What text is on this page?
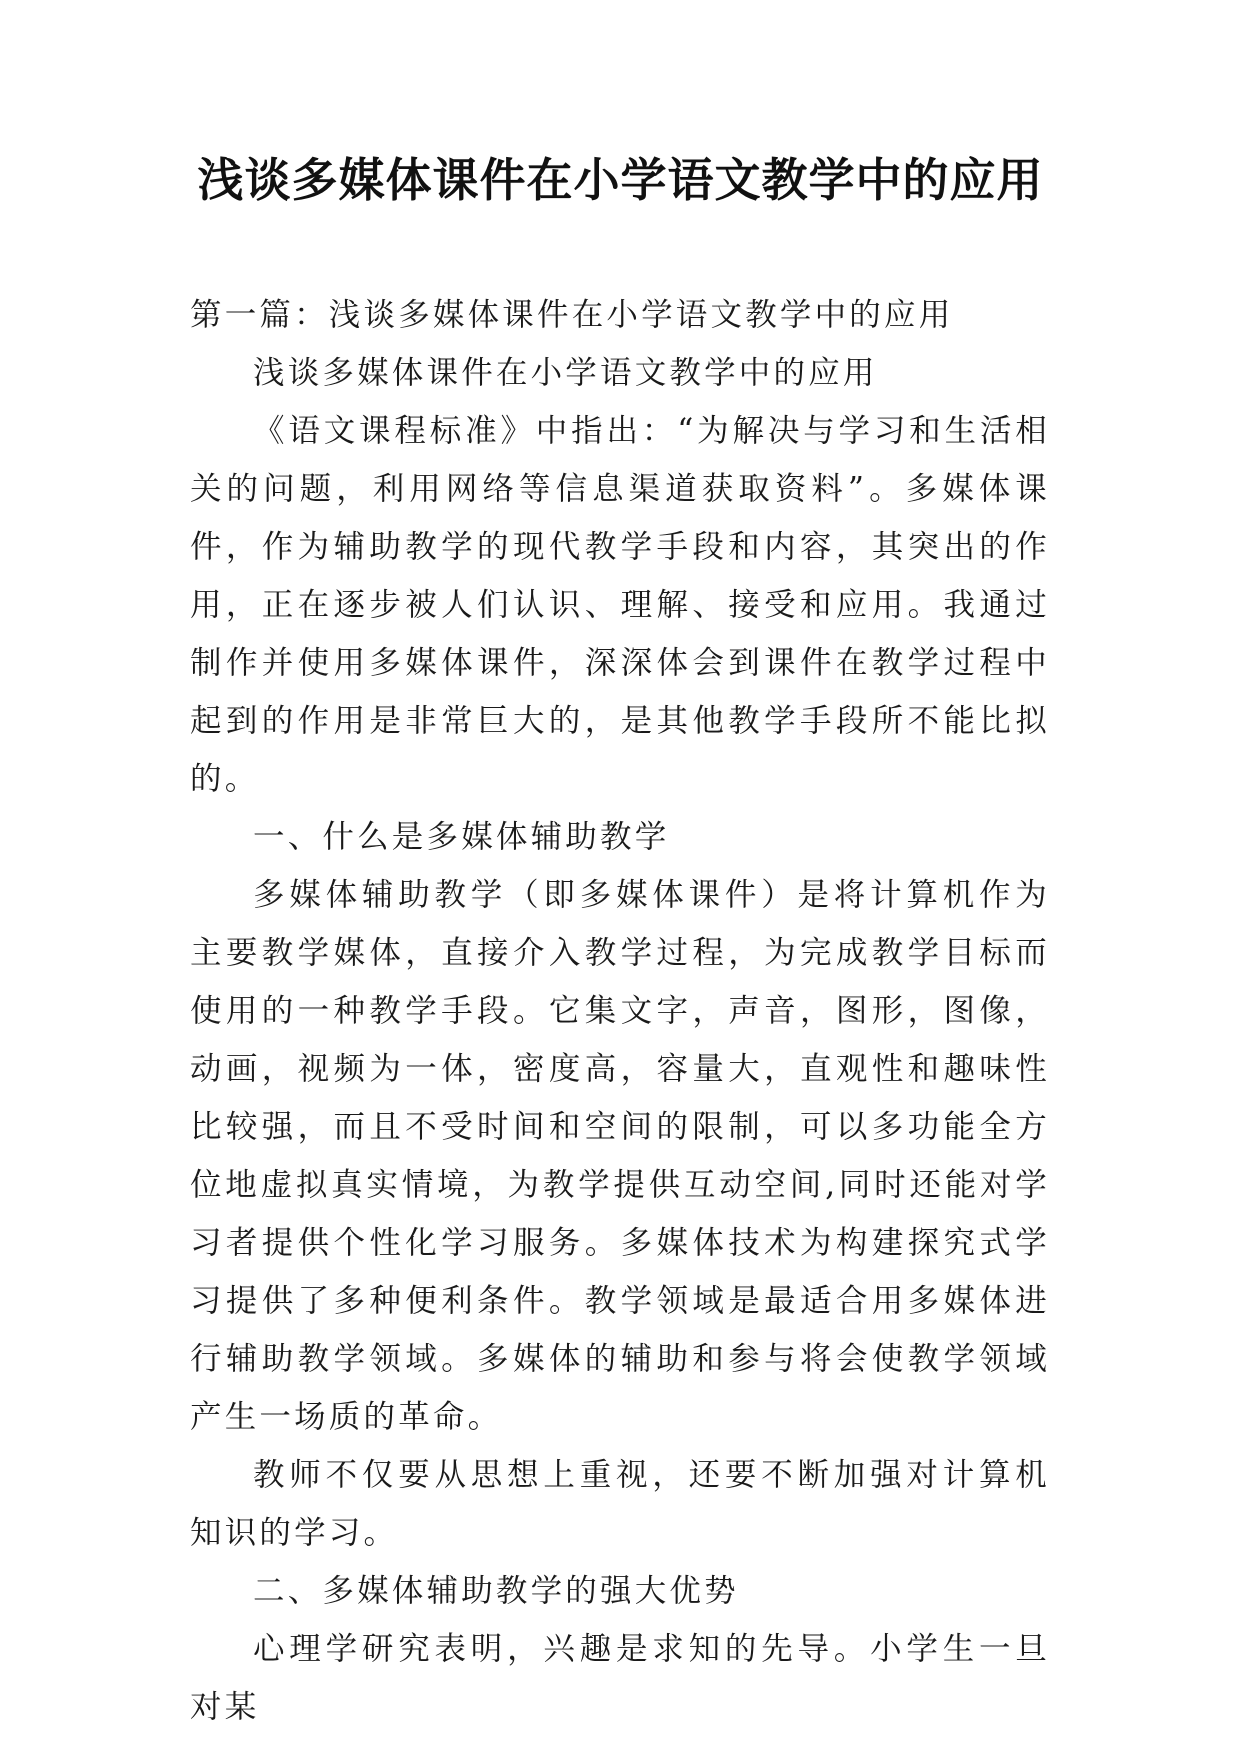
浅谈多媒体课件在小学语文教学中的应用

第一篇：浅谈多媒体课件在小学语文教学中的应用

浅谈多媒体课件在小学语文教学中的应用

《语文课程标准》中指出：“为解决与学习和生活相关的问题，利用网络等信息渠道获取资料”。多媒体课件，作为辅助教学的现代教学手段和内容，其突出的作用，正在逐步被人们认识、理解、接受和应用。我通过制作并使用多媒体课件，深深体会到课件在教学过程中起到的作用是非常巨大的，是其他教学手段所不能比拟的。

一、什么是多媒体辅助教学

多媒体辅助教学（即多媒体课件）是将计算机作为主要教学媒体，直接介入教学过程，为完成教学目标而使用的一种教学手段。它集文字，声音，图形，图像，动画，视频为一体，密度高，容量大，直观性和趣味性比较强，而且不受时间和空间的限制，可以多功能全方位地虚拟真实情境，为教学提供互动空间,同时还能对学习者提供个性化学习服务。多媒体技术为构建探究式学习提供了多种便利条件。教学领域是最适合用多媒体进行辅助教学领域。多媒体的辅助和参与将会使教学领域产生一场质的革命。

教师不仅要从思想上重视，还要不断加强对计算机知识的学习。

二、多媒体辅助教学的强大优势

心理学研究表明，兴趣是求知的先导。小学生一旦对某
